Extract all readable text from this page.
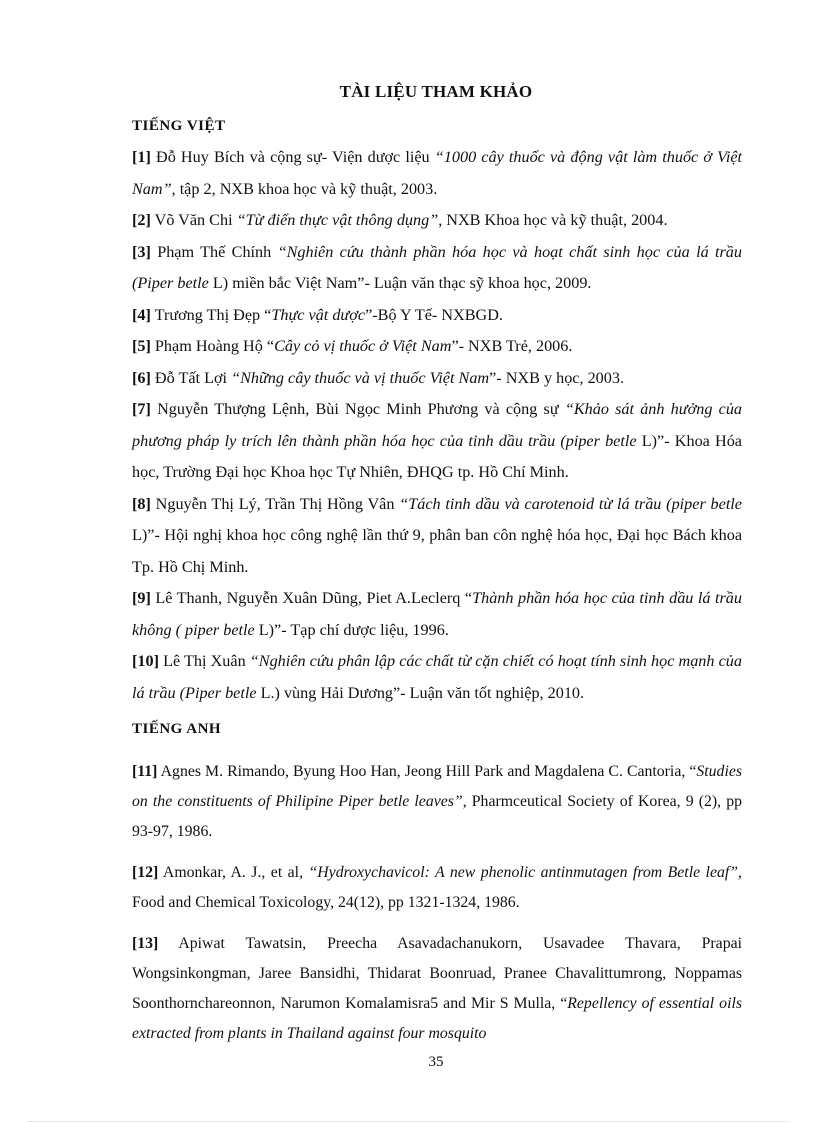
TÀI LIỆU THAM KHẢO
TIẾNG VIỆT

[1] Đỗ Huy Bích và cộng sự- Viện dược liệu “1000 cây thuốc và động vật làm thuốc ở Việt Nam”, tập 2, NXB khoa học và kỹ thuật, 2003.

[2] Võ Văn Chi “Từ điển thực vật thông dụng”, NXB Khoa học và kỹ thuật, 2004.

[3] Phạm Thế Chính “Nghiên cứu thành phần hóa học và hoạt chất sinh học của lá trầu (Piper betle L) miền bắc Việt Nam”- Luận văn thạc sỹ khoa học, 2009.

[4] Trương Thị Đẹp “Thực vật dược”-Bộ Y Tế- NXBGD.

[5] Phạm Hoàng Hộ “Cây cỏ vị thuốc ở Việt Nam”- NXB Trẻ, 2006.

[6] Đỗ Tất Lợi “Những cây thuốc và vị thuốc Việt Nam”- NXB y học, 2003.

[7] Nguyễn Thượng Lệnh, Bùi Ngọc Minh Phương và cộng sự “Khảo sát ảnh hưởng của phương pháp ly trích lên thành phần hóa học của tinh dầu trầu (piper betle L)”- Khoa Hóa học, Trường Đại học Khoa học Tự Nhiên, ĐHQG tp. Hồ Chí Minh.

[8] Nguyễn Thị Lý, Trần Thị Hồng Vân “Tách tinh dầu và carotenoid từ lá trầu (piper betle L)”- Hội nghị khoa học công nghệ lần thứ 9, phân ban côn nghệ hóa học, Đại học Bách khoa Tp. Hồ Chị Minh.

[9] Lê Thanh, Nguyễn Xuân Dũng, Piet A.Leclerq “Thành phần hóa học của tinh dầu lá trầu không ( piper betle L)”- Tạp chí dược liệu, 1996.

[10] Lê Thị Xuân “Nghiên cứu phân lập các chất từ cặn chiết có hoạt tính sinh học mạnh của lá trầu (Piper betle L.) vùng Hải Dương”- Luận văn tốt nghiệp, 2010.

TIẾNG ANH

[11] Agnes M. Rimando, Byung Hoo Han, Jeong Hill Park and Magdalena C. Cantoria, “Studies on the constituents of Philipine Piper betle leaves”, Pharmceutical Society of Korea, 9 (2), pp 93-97, 1986.

[12] Amonkar, A. J., et al, “Hydroxychavicol: A new phenolic antinmutagen from Betle leaf”, Food and Chemical Toxicology, 24(12), pp 1321-1324, 1986.

[13] Apiwat Tawatsin, Preecha Asavadachanukorn, Usavadee Thavara, Prapai Wongsinkongman, Jaree Bansidhi, Thidarat Boonruad, Pranee Chavalittumrong, Noppamas Soonthornchareonnon, Narumon Komalamisra5 and Mir S Mulla, “Repellency of essential oils extracted from plants in Thailand against four mosquito

35
